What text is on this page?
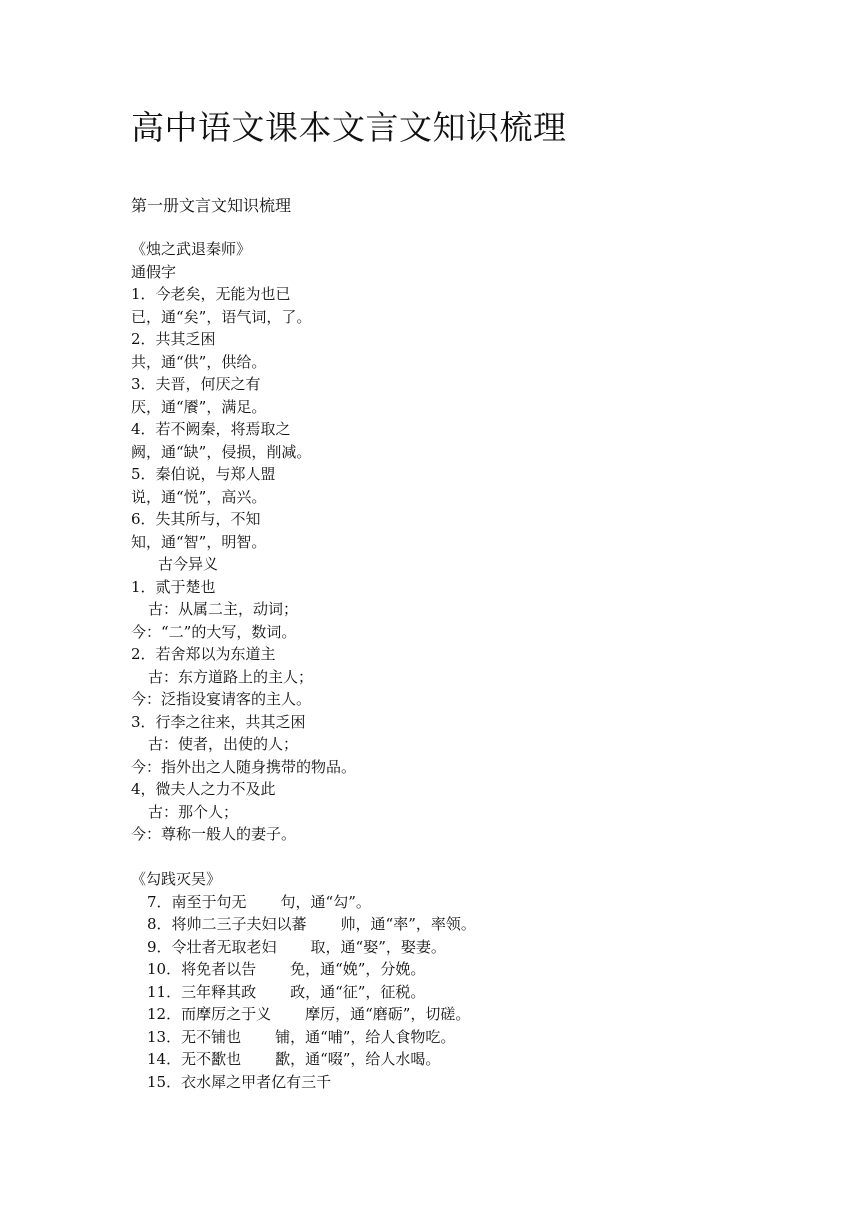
高中语文课本文言文知识梳理
第一册文言文知识梳理
《烛之武退秦师》
通假字
1．今老矣，无能为也已
已，通“矣”，语气词，了。
2．共其乏困
共，通“供”，供给。
3．夫晋，何厌之有
厌，通“餍”，满足。
4．若不阙秦，将焉取之
阙，通“缺”，侵损，削减。
5．秦伯说，与郑人盟
说，通“悦”，高兴。
6．失其所与，不知
知，通“智”，明智。
古今异义
1．贰于楚也
古：从属二主，动词；
今：“二”的大写，数词。
2．若舍郑以为东道主
古：东方道路上的主人；
今：泛指设宴请客的主人。
3．行李之往来，共其乏困
古：使者，出使的人；
今：指外出之人随身携带的物品。
4，微夫人之力不及此
古：那个人；
今：尊称一般人的妻子。
《勾践灭吴》
7．南至于句无 句，通“勾”。
8．将帅二三子夫妇以蕃 帅，通“率”，率领。
9．令壮者无取老妇 取，通“娶”，娶妻。
10．将免者以告 免，通“娩”，分娩。
11．三年释其政 政，通“征”，征税。
12．而摩厉之于义 摩厉，通“磨砺”，切磋。
13．无不铺也 铺，通“哺”，给人食物吃。
14．无不歠也 歠，通“啜”，给人水喝。
15．衣水犀之甲者亿有三千
